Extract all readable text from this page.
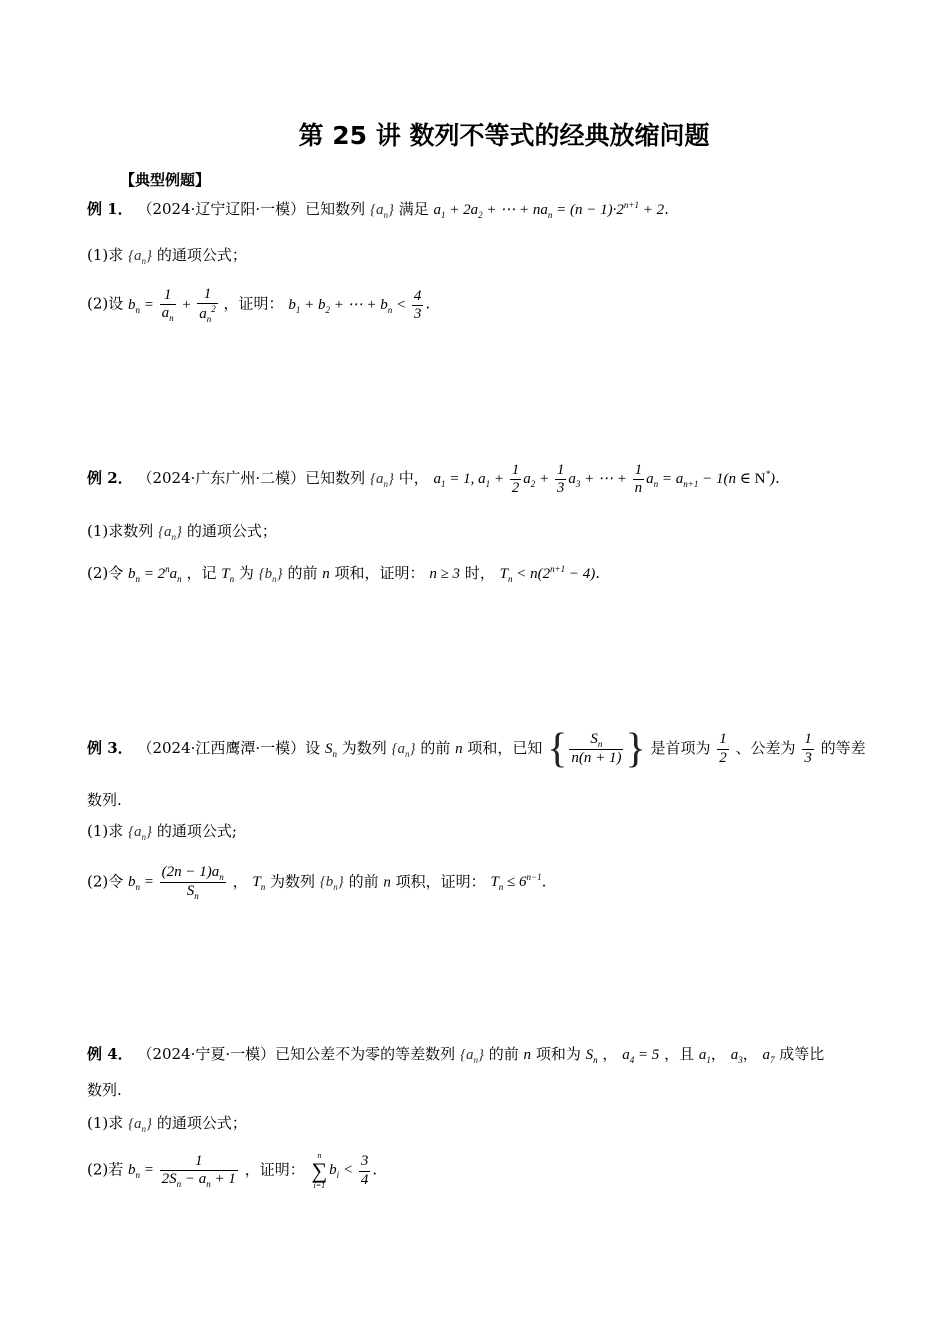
第 25 讲 数列不等式的经典放缩问题
【典型例题】
例 1． （2024·辽宁辽阳·一模）已知数列 $\{a_n\}$ 满足 $a_1 + 2a_2$ + ⋯ + $na_n = (n - 1)\cdot 2^{n+1} + 2$.
(1)求 $\{a_n\}$ 的通项公式；
(2)设 $b_n = \frac{1}{a_n} + \frac{1}{a_n^2}$ ，证明： $b_1 + b_2$ + ⋯ + $b_n < \frac{4}{3}$ .
例 2． （2024·广东广州·二模）已知数列 $\{a_n\}$ 中， $a_1 = 1$, $a_1 + \frac{1}{2} a_2 + \frac{1}{3} a_3$ + ⋯ + $\frac{1}{n} a_n = a_{n+1} - 1(n$ ∈ N*).
(1)求数列 $\{a_n\}$ 的通项公式；
(2)令 $b_n = 2^na_n$ ，记 $T_n$ 为 $\{b_n\}$ 的前 n 项和，证明： n ≥ 3 时， $T_n < n(2^{n+1} - 4)$.
例 3． （2024·江西鹰潭·一模）设 $S_n$ 为数列 $\{a_n\}$ 的前 n 项和，已知 { $\frac{S_n}{n(n + 1)}$ } 是首项为 $\frac{1}{2}$ 、公差为 $\frac{1}{3}$ 的等差
数列.
(1)求 $\{a_n\}$ 的通项公式;
(2)令 $b_n = \frac{(2n - 1)a_n}{S_n}$ ， $T_n$ 为数列 $\{b_n\}$ 的前 n 项积，证明： $T_n \le 6^{n-1}$.
例 4． （2024·宁夏·一模）已知公差不为零的等差数列 $\{a_n\}$ 的前 n 项和为 $S_n$ ， $a_4 = 5$ ，且 $a_1$， $a_3$， $a_7$ 成等比
数列.
(1)求 $\{a_n\}$ 的通项公式；
(2)若 $b_n = \frac{1}{2S_n - a_n + 1}$ ，证明：
n
∑
i=1
$b_i < \frac{3}{4}$ .
